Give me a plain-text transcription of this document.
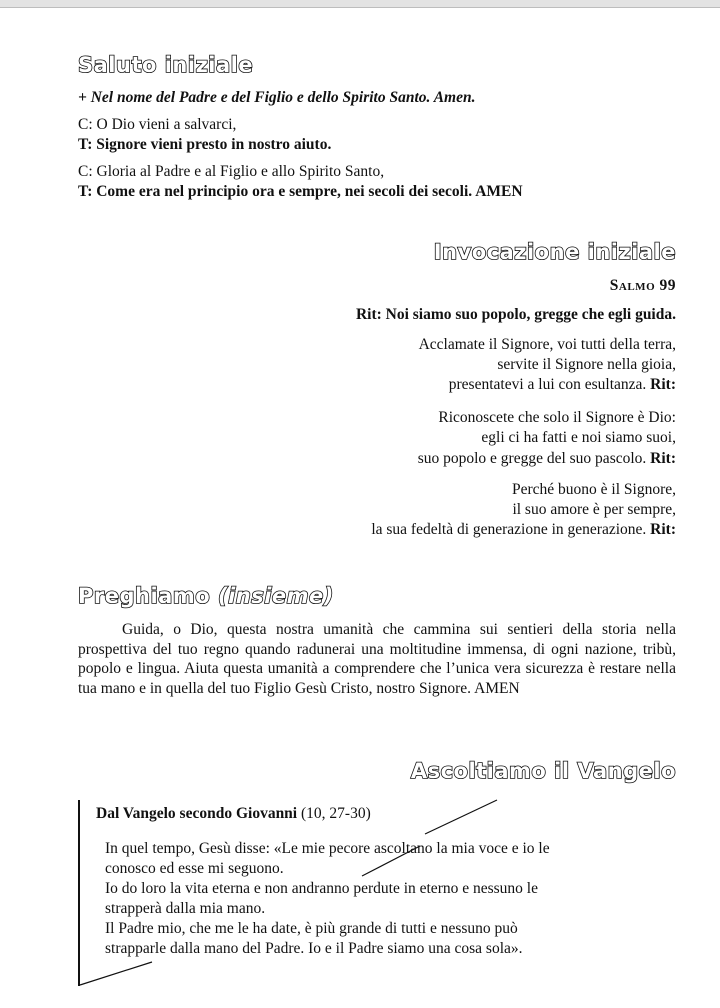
Saluto iniziale
+ Nel nome del Padre e del Figlio e dello Spirito Santo. Amen.
C: O Dio vieni a salvarci,
T: Signore vieni presto in nostro aiuto.
C: Gloria al Padre e al Figlio e allo Spirito Santo,
T: Come era nel principio ora e sempre, nei secoli dei secoli. AMEN
Invocazione iniziale
Salmo 99
Rit: Noi siamo suo popolo, gregge che egli guida.
Acclamate il Signore, voi tutti della terra,
servite il Signore nella gioia,
presentatevi a lui con esultanza. Rit:
Riconoscete che solo il Signore è Dio:
egli ci ha fatti e noi siamo suoi,
suo popolo e gregge del suo pascolo. Rit:
Perché buono è il Signore,
il suo amore è per sempre,
la sua fedeltà di generazione in generazione. Rit:
Preghiamo (insieme)
Guida, o Dio, questa nostra umanità che cammina sui sentieri della storia nella prospettiva del tuo regno quando radunerai una moltitudine immensa, di ogni nazione, tribù, popolo e lingua. Aiuta questa umanità a comprendere che l’unica vera sicurezza è restare nella tua mano e in quella del tuo Figlio Gesù Cristo, nostro Signore. AMEN
Ascoltiamo il Vangelo
Dal Vangelo secondo Giovanni (10, 27-30)
In quel tempo, Gesù disse: «Le mie pecore ascoltano la mia voce e io le
conosco ed esse mi seguono.
Io do loro la vita eterna e non andranno perdute in eterno e nessuno le
strapperà dalla mia mano.
Il Padre mio, che me le ha date, è più grande di tutti e nessuno può
strapparle dalla mano del Padre. Io e il Padre siamo una cosa sola».
